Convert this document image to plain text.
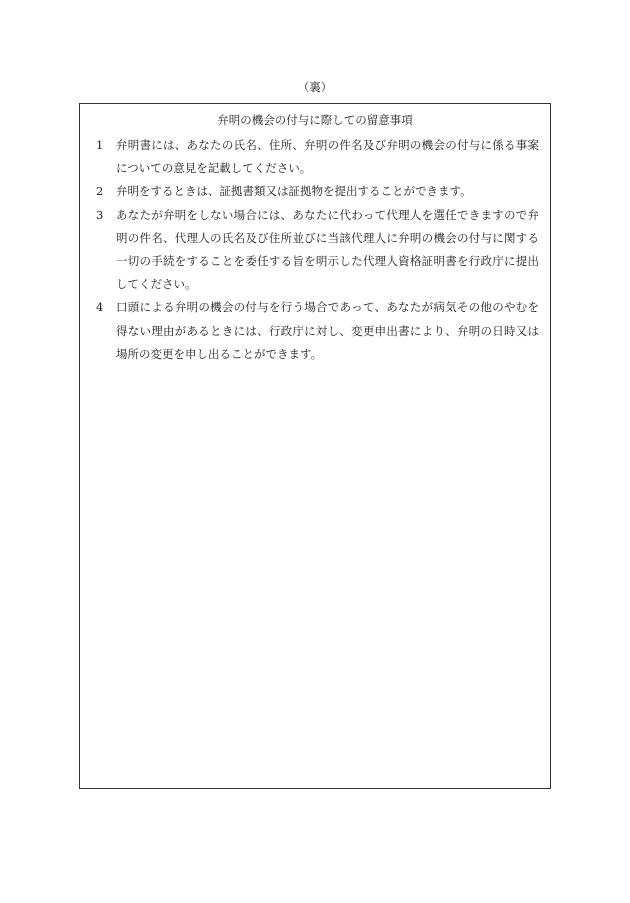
（裏）
弁明の機会の付与に際しての留意事項
1	弁明書には、あなたの氏名、住所、弁明の件名及び弁明の機会の付与に係る事案についての意見を記載してください。
2	弁明をするときは、証拠書類又は証拠物を提出することができます。
3	あなたが弁明をしない場合には、あなたに代わって代理人を選任できますので弁明の件名、代理人の氏名及び住所並びに当該代理人に弁明の機会の付与に関する一切の手続をすることを委任する旨を明示した代理人資格証明書を行政庁に提出してください。
4	口頭による弁明の機会の付与を行う場合であって、あなたが病気その他のやむを得ない理由があるときには、行政庁に対し、変更申出書により、弁明の日時又は場所の変更を申し出ることができます。
